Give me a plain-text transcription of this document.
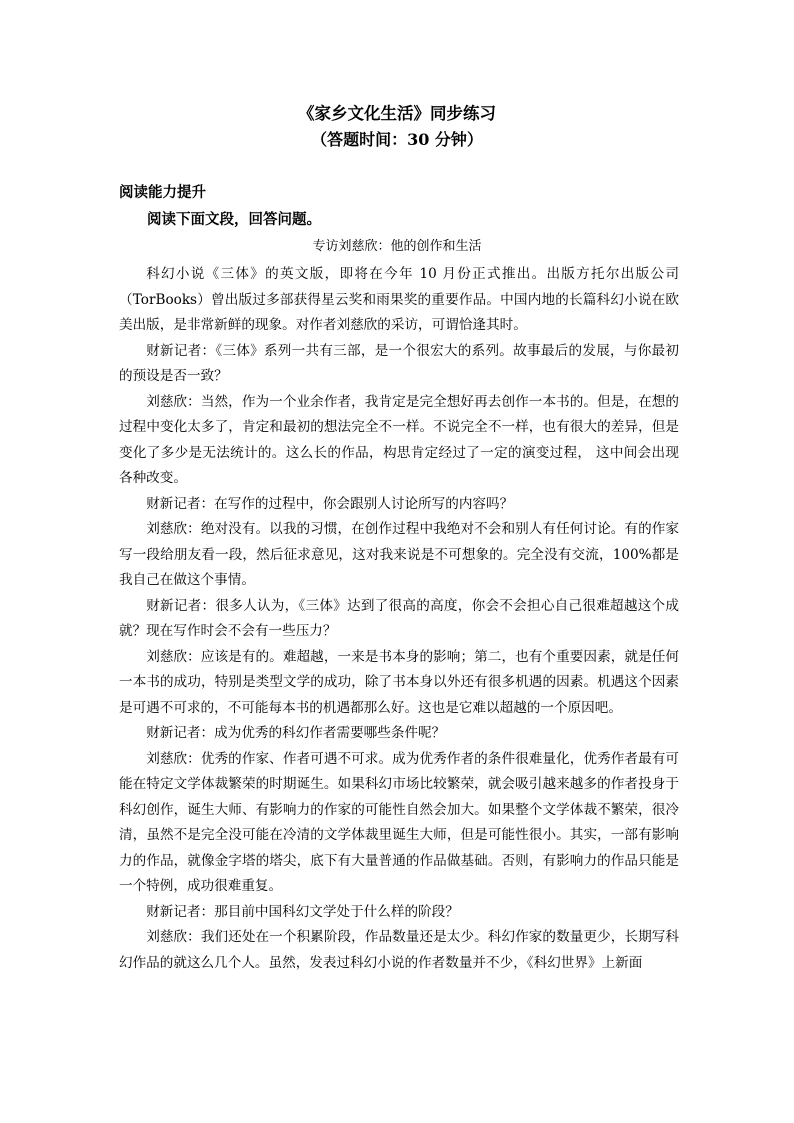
《家乡文化生活》同步练习
（答题时间：30 分钟）
阅读能力提升
阅读下面文段，回答问题。
专访刘慈欣：他的创作和生活

科幻小说《三体》的英文版，即将在今年 10 月份正式推出。出版方托尔出版公司（TorBooks）曾出版过多部获得星云奖和雨果奖的重要作品。中国内地的长篇科幻小说在欧美出版，是非常新鲜的现象。对作者刘慈欣的采访，可谓恰逢其时。

财新记者：《三体》系列一共有三部，是一个很宏大的系列。故事最后的发展，与你最初的预设是否一致？

刘慈欣：当然，作为一个业余作者，我肯定是完全想好再去创作一本书的。但是，在想的过程中变化太多了，肯定和最初的想法完全不一样。不说完全不一样，也有很大的差异，但是变化了多少是无法统计的。这么长的作品，构思肯定经过了一定的演变过程， 这中间会出现各种改变。

财新记者：在写作的过程中，你会跟别人讨论所写的内容吗？

刘慈欣：绝对没有。以我的习惯，在创作过程中我绝对不会和别人有任何讨论。有的作家写一段给朋友看一段，然后征求意见，这对我来说是不可想象的。完全没有交流，100%都是我自己在做这个事情。

财新记者：很多人认为，《三体》达到了很高的高度，你会不会担心自己很难超越这个成就？现在写作时会不会有一些压力？

刘慈欣：应该是有的。难超越，一来是书本身的影响；第二，也有个重要因素，就是任何一本书的成功，特别是类型文学的成功，除了书本身以外还有很多机遇的因素。机遇这个因素是可遇不可求的，不可能每本书的机遇都那么好。这也是它难以超越的一个原因吧。

财新记者：成为优秀的科幻作者需要哪些条件呢？

刘慈欣：优秀的作家、作者可遇不可求。成为优秀作者的条件很难量化，优秀作者最有可能在特定文学体裁繁荣的时期诞生。如果科幻市场比较繁荣，就会吸引越来越多的作者投身于科幻创作，诞生大师、有影响力的作家的可能性自然会加大。如果整个文学体裁不繁荣，很冷清，虽然不是完全没可能在冷清的文学体裁里诞生大师，但是可能性很小。其实，一部有影响力的作品，就像金字塔的塔尖，底下有大量普通的作品做基础。否则，有影响力的作品只能是一个特例，成功很难重复。

财新记者：那目前中国科幻文学处于什么样的阶段？

刘慈欣：我们还处在一个积累阶段，作品数量还是太少。科幻作家的数量更少，长期写科幻作品的就这么几个人。虽然，发表过科幻小说的作者数量并不少，《科幻世界》上新面
